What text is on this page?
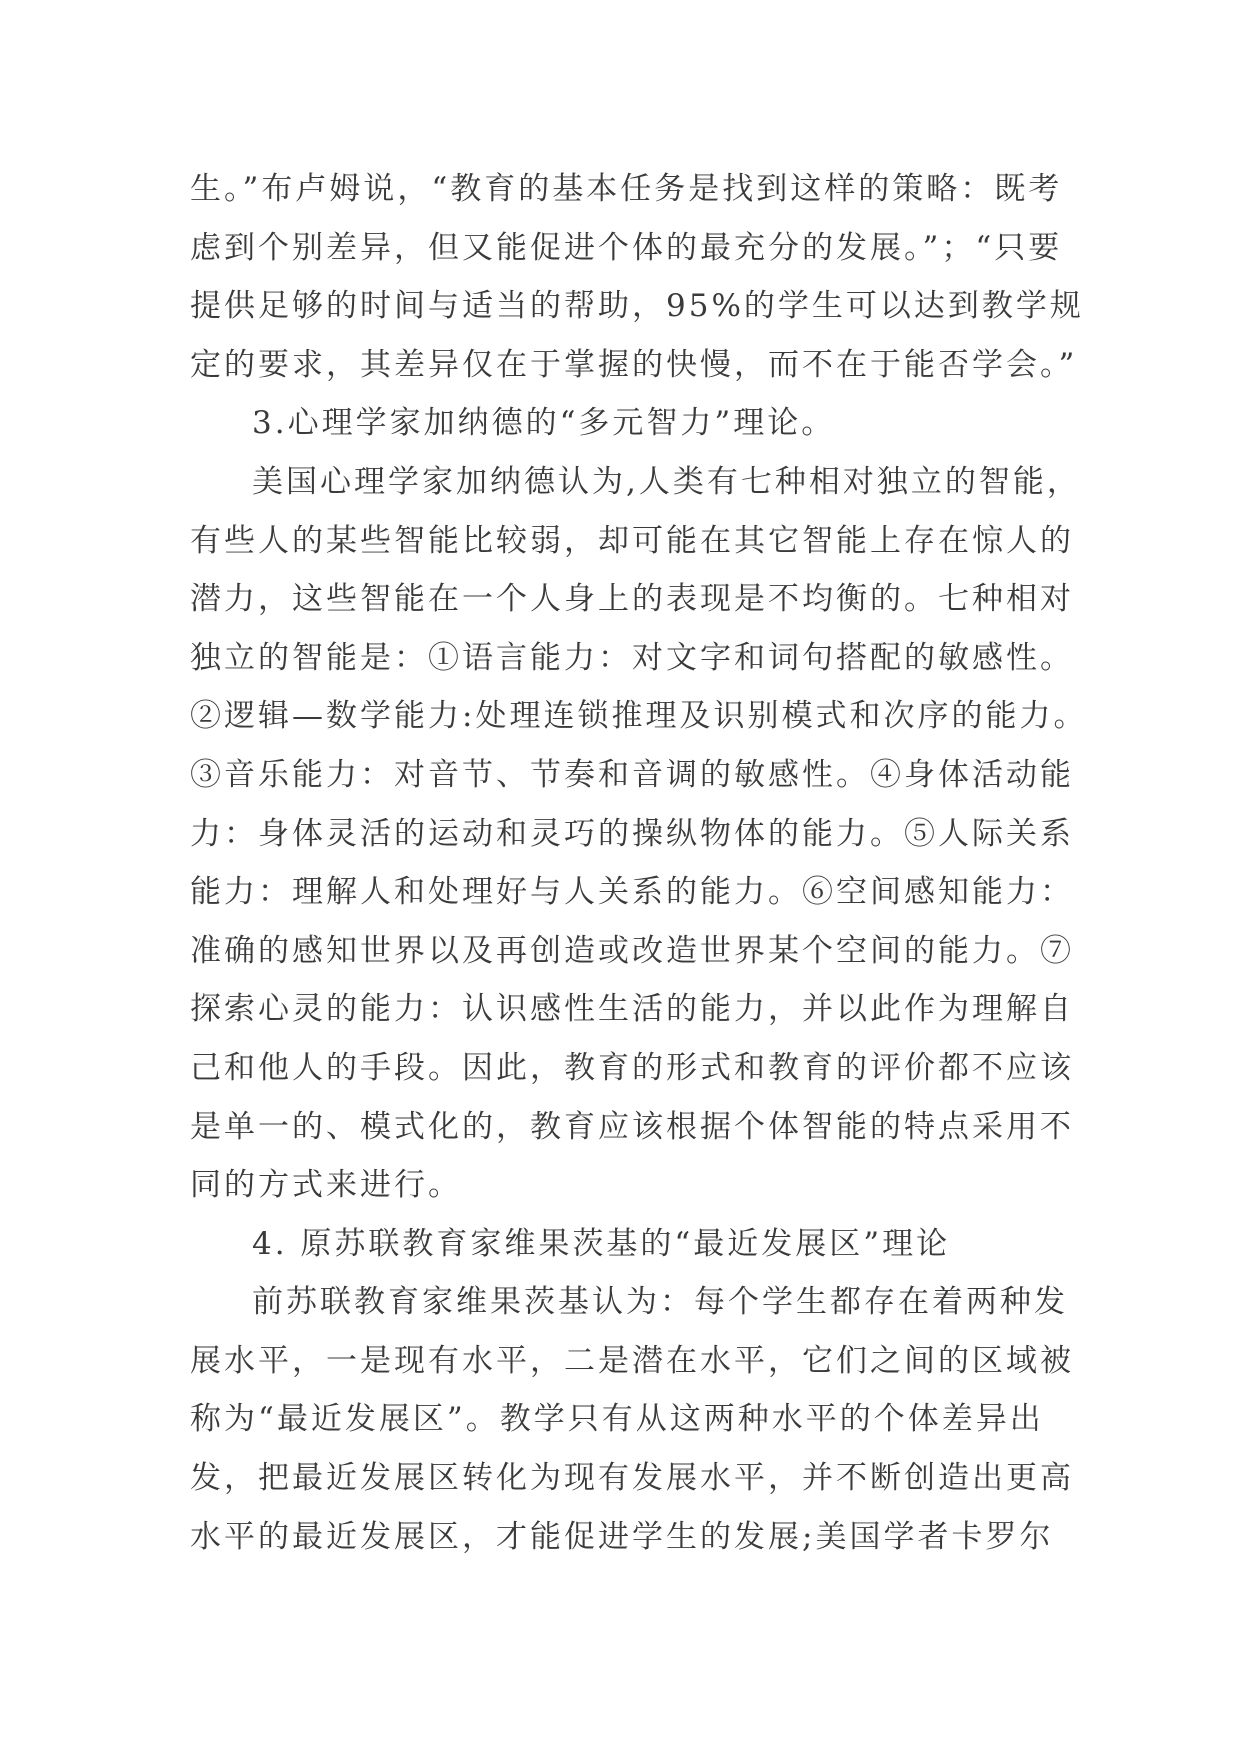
生。”布卢姆说，“教育的基本任务是找到这样的策略：既考
虑到个别差异，但又能促进个体的最充分的发展。”；“只要
提供足够的时间与适当的帮助，95%的学生可以达到教学规
定的要求，其差异仅在于掌握的快慢，而不在于能否学会。”
3.心理学家加纳德的“多元智力”理论。
美国心理学家加纳德认为,人类有七种相对独立的智能，
有些人的某些智能比较弱，却可能在其它智能上存在惊人的
潜力，这些智能在一个人身上的表现是不均衡的。七种相对
独立的智能是：①语言能力：对文字和词句搭配的敏感性。
②逻辑—数学能力:处理连锁推理及识别模式和次序的能力。
③音乐能力：对音节、节奏和音调的敏感性。④身体活动能
力：身体灵活的运动和灵巧的操纵物体的能力。⑤人际关系
能力：理解人和处理好与人关系的能力。⑥空间感知能力：
准确的感知世界以及再创造或改造世界某个空间的能力。⑦
探索心灵的能力：认识感性生活的能力，并以此作为理解自
己和他人的手段。因此，教育的形式和教育的评价都不应该
是单一的、模式化的，教育应该根据个体智能的特点采用不
同的方式来进行。
4. 原苏联教育家维果茨基的“最近发展区”理论
前苏联教育家维果茨基认为：每个学生都存在着两种发
展水平，一是现有水平，二是潜在水平，它们之间的区域被
称为“最近发展区”。教学只有从这两种水平的个体差异出
发，把最近发展区转化为现有发展水平，并不断创造出更高
水平的最近发展区，才能促进学生的发展;美国学者卡罗尔
